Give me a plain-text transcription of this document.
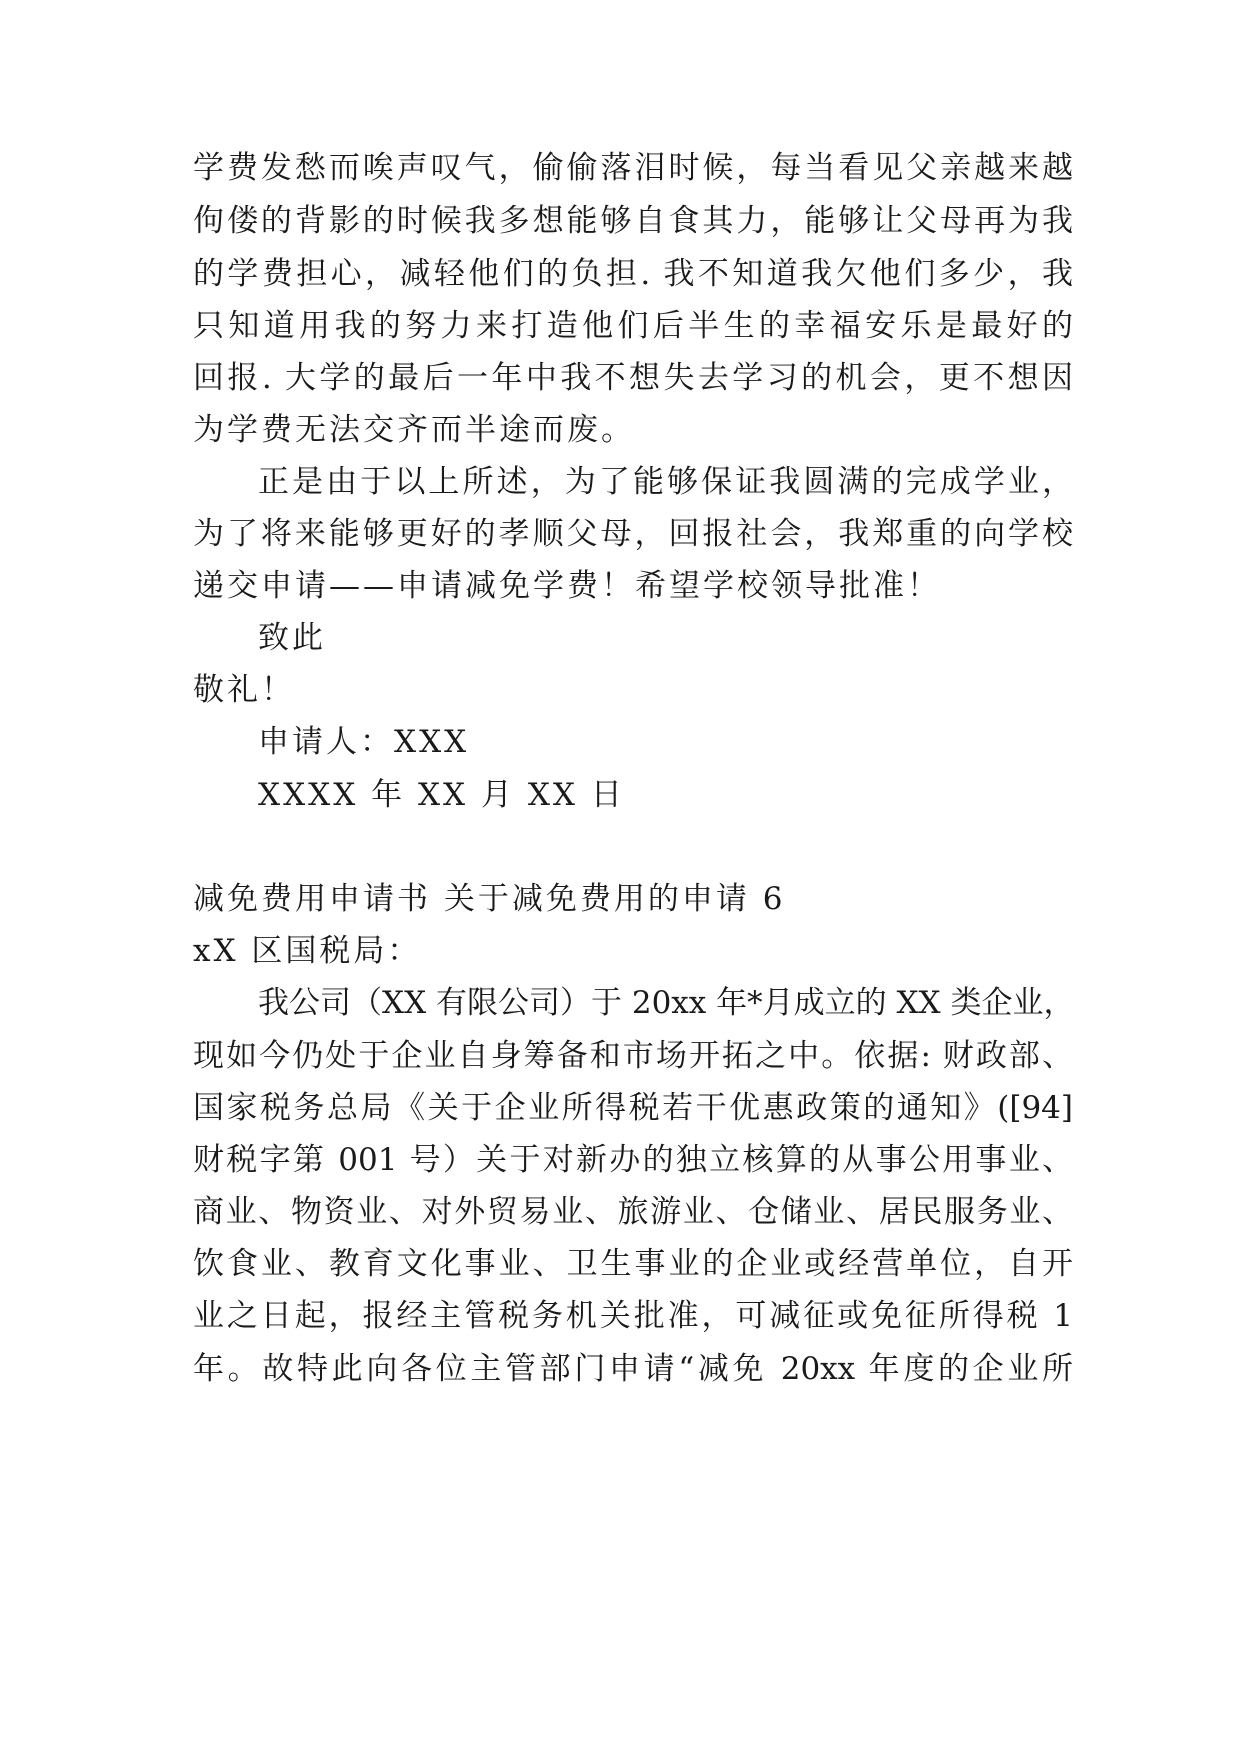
学费发愁而唉声叹气，偷偷落泪时候，每当看见父亲越来越
佝偻的背影的时候我多想能够自食其力，能够让父母再为我
的学费担心，减轻他们的负担. 我不知道我欠他们多少，我
只知道用我的努力来打造他们后半生的幸福安乐是最好的
回报. 大学的最后一年中我不想失去学习的机会，更不想因
为学费无法交齐而半途而废。
正是由于以上所述，为了能够保证我圆满的完成学业，
为了将来能够更好的孝顺父母，回报社会，我郑重的向学校
递交申请——申请减免学费！希望学校领导批准！
致此
敬礼！
申请人：XXX
XXXX 年 XX 月 XX 日
减免费用申请书 关于减免费用的申请 6
xX 区国税局：
我公司（XX 有限公司）于 20xx 年*月成立的 XX 类企业，
现如今仍处于企业自身筹备和市场开拓之中。依据: 财政部、
国家税务总局《关于企业所得税若干优惠政策的通知》([94]
财税字第 001 号）关于对新办的独立核算的从事公用事业、
商业、物资业、对外贸易业、旅游业、仓储业、居民服务业、
饮食业、教育文化事业、卫生事业的企业或经营单位，自开
业之日起，报经主管税务机关批准，可减征或免征所得税 1
年。故特此向各位主管部门申请“减免 20xx 年度的企业所
